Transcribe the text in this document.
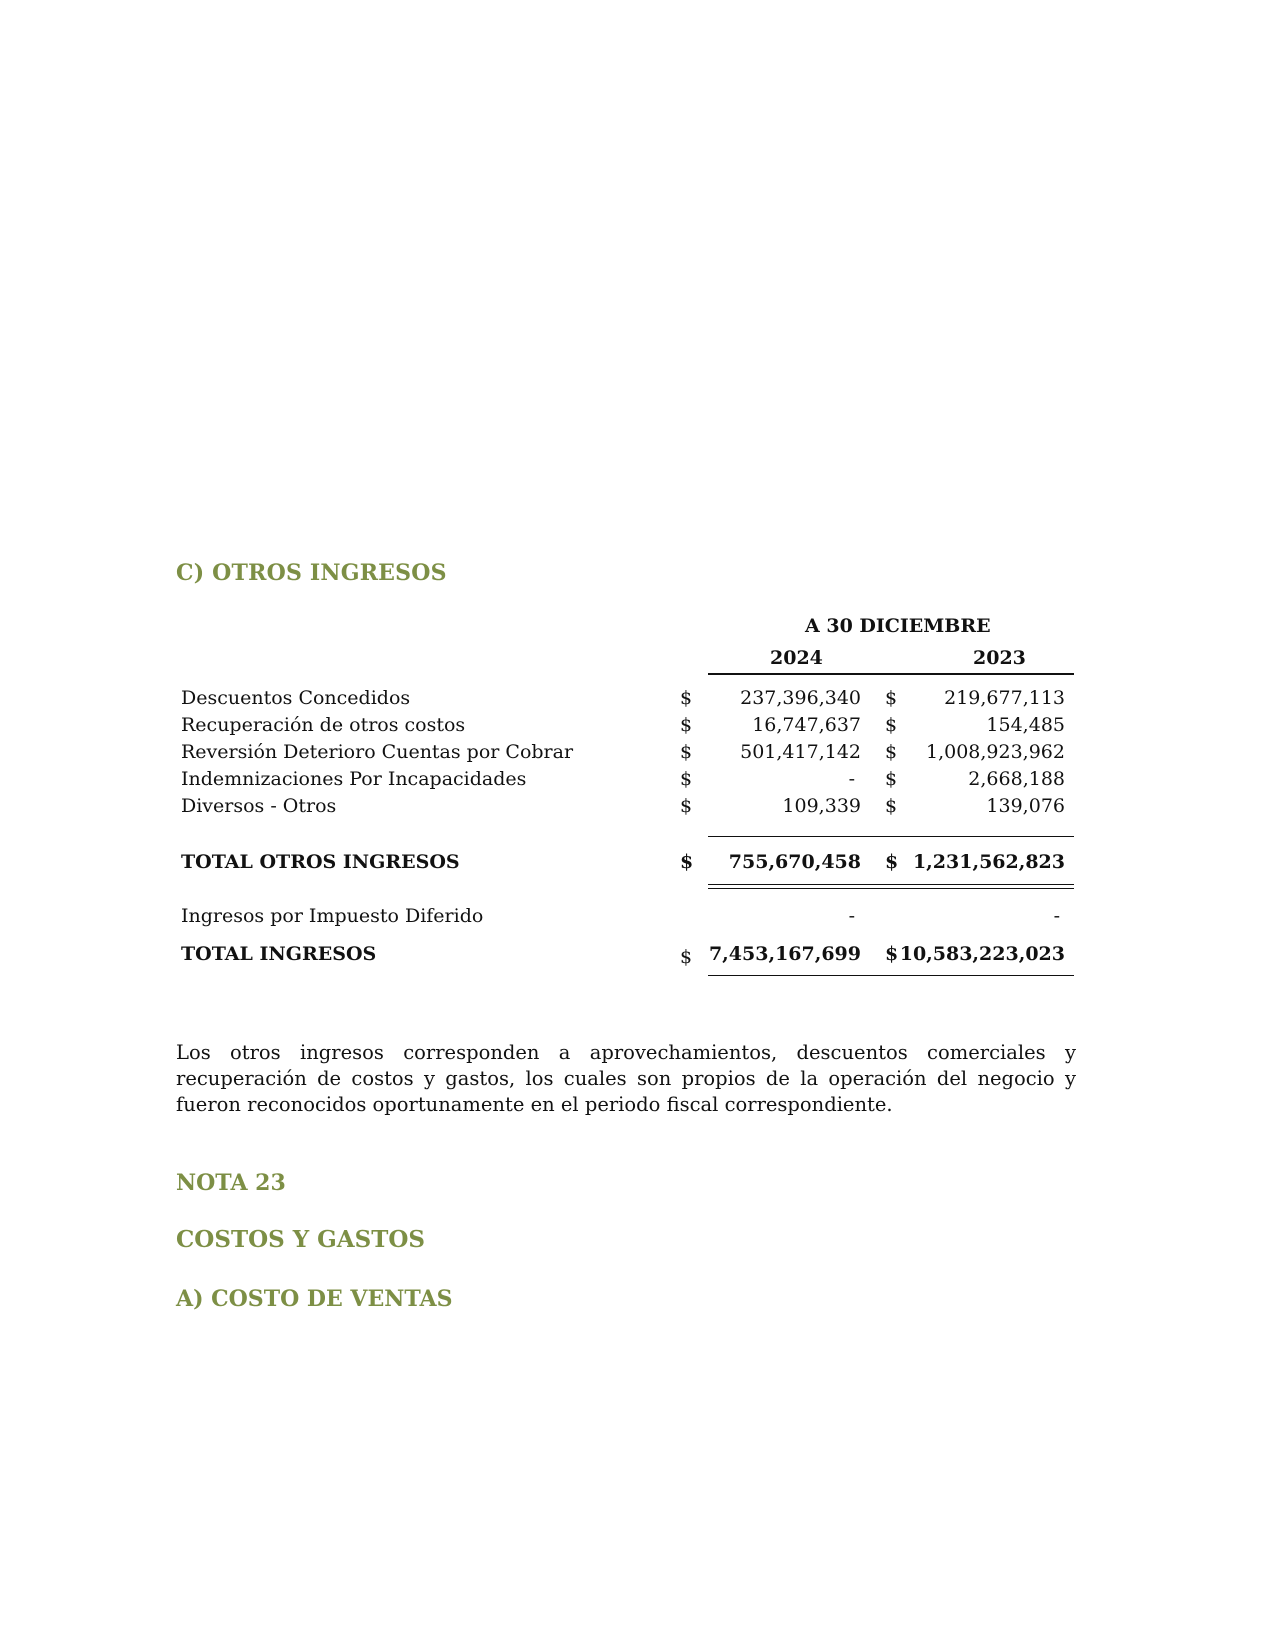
C) OTROS INGRESOS
A 30 DICIEMBRE
2024	2023
Descuentos Concedidos	$	237,396,340 $ 219,677,113
Recuperación de otros costos	$	16,747,637 $	154,485
Reversión Deterioro Cuentas por Cobrar	$	501,417,142 $ 1,008,923,962
Indemnizaciones Por Incapacidades	$	- $	2,668,188
Diversos - Otros	$	109,339 $	139,076
TOTAL OTROS INGRESOS	$ 755,670,458 $ 1,231,562,823
Ingresos por Impuesto Diferido	-	-
TOTAL INGRESOS	$ 7,453,167,699 $ 10,583,223,023
Los otros ingresos corresponden a aprovechamientos, descuentos comerciales y recuperación de costos y gastos, los cuales son propios de la operación del negocio y fueron reconocidos oportunamente en el periodo fiscal correspondiente.
NOTA 23
COSTOS Y GASTOS
A) COSTO DE VENTAS
